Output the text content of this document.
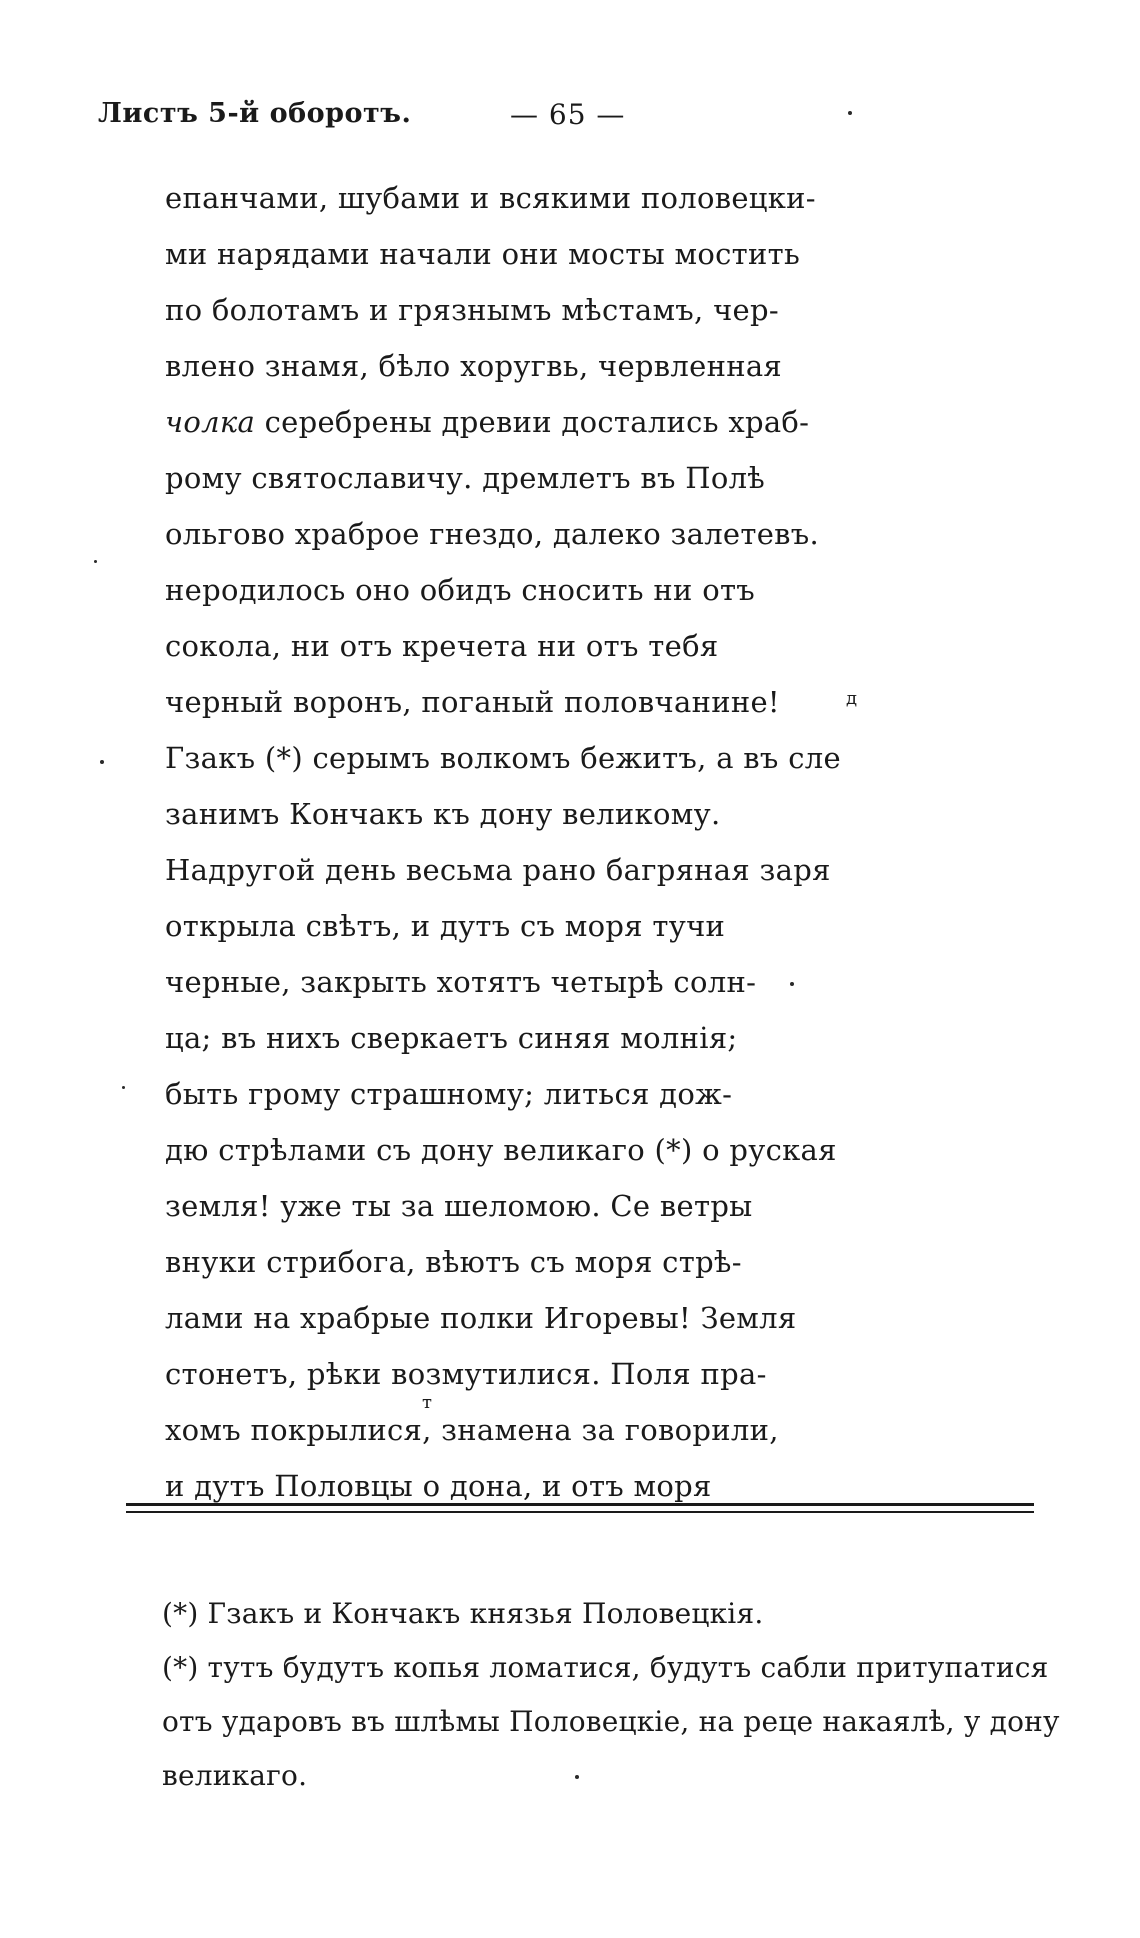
Листъ 5-й оборотъ.	— 65 —
епанчами, шубами и всякими половецки-
ми нарядами начали они мосты мостить
по болотамъ и грязнымъ мѣстамъ, чер-
влено знамя, бѣло хоругвь, червленная
чолка серебрены древии достались храб-
рому святославичу. дремлетъ въ Полѣ
ольгово храброе гнездо, далеко залетевъ.
неродилось оно обидъ сносить ни отъ
сокола, ни отъ кречета ни отъ тебя
черный воронъ, поганый половчанине!
Гзакъ (*) серымъ волкомъ бежитъ, а въ сле
занимъ Кончакъ къ дону великому.
Надругой день весьма рано багряная заря
открыла свѣтъ, и дутъ съ моря тучи
черные, закрыть хотятъ четырѣ солн-
ца; въ нихъ сверкаетъ синяя молнiя;
быть грому страшному; литься дож-
дю стрѣлами съ дону великаго (*) о руская
земля! уже ты за шеломою. Се ветры
внуки стрибога, вѣютъ съ моря стрѣ-
лами на храбрые полки Игоревы! Земля
стонетъ, рѣки возмутилися. Поля пра-
хомъ покрылися, знамена за говорили,
и дутъ Половцы о дона, и отъ моря
д
т
(*) Гзакъ и Кончакъ князья Половецкiя.
(*) тутъ будутъ копья ломатися, будутъ сабли притупатися
отъ ударовъ въ шлѣмы Половецкiе, на реце накаялѣ, у дону
великаго.
